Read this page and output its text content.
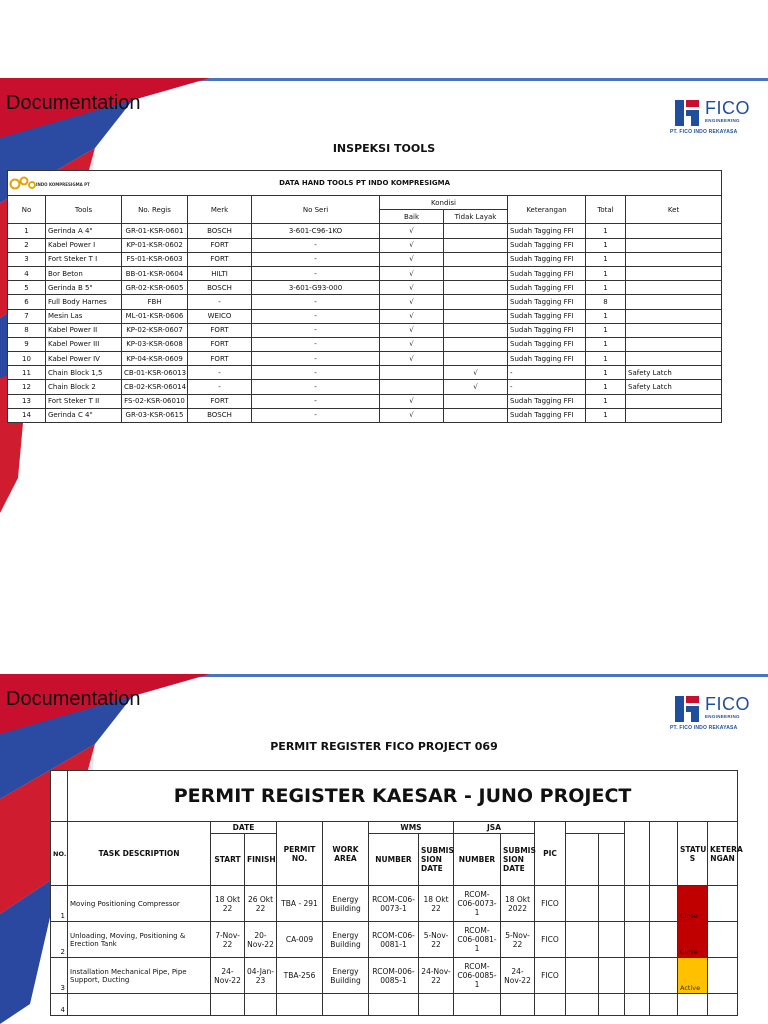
Documentation	FICO
ENGINEERING
PT. FICO INDO REKAYASA
INSPEKSI TOOLS
INDO KOMPRESIGMA PT DATA HAND TOOLS PT INDO KOMPRESIGMA									
No	Tools	No. Regis	Merk	No Seri	Kondisi		Keterangan	Total	Ket
					Baik	Tidak Layak			
1	Gerinda A 4"	GR-01-KSR-0601	BOSCH	3-601-C96-1KO	√		Sudah Tagging FFI	1	
2	Kabel Power I	KP-01-KSR-0602	FORT	-	√		Sudah Tagging FFI	1	
3	Fort Steker T I	FS-01-KSR-0603	FORT	-	√		Sudah Tagging FFI	1	
4	Bor Beton	BB-01-KSR-0604	HILTI	-	√		Sudah Tagging FFI	1	
5	Gerinda B 5"	GR-02-KSR-0605	BOSCH	3-601-G93-000	√		Sudah Tagging FFI	1	
6	Full Body Harnes	FBH	-	-	√		Sudah Tagging FFI	8	
7	Mesin Las	ML-01-KSR-0606	WEICO	-	√		Sudah Tagging FFI	1	
8	Kabel Power II	KP-02-KSR-0607	FORT	-	√		Sudah Tagging FFI	1	
9	Kabel Power III	KP-03-KSR-0608	FORT	-	√		Sudah Tagging FFI	1	
10	Kabel Power IV	KP-04-KSR-0609	FORT	-	√		Sudah Tagging FFI	1	
11	Chain Block 1,5	CB-01-KSR-06013	-	-		√	-	1	Safety Latch
12	Chain Block 2	CB-02-KSR-06014	-	-		√	-	1	Safety Latch
13	Fort Steker T II	FS-02-KSR-06010	FORT	-	√		Sudah Tagging FFI	1	
14	Gerinda C 4"	GR-03-KSR-0615	BOSCH	-	√		Sudah Tagging FFI	1	
Documentation	FICO
ENGINEERING
PT. FICO INDO REKAYASA
PERMIT REGISTER FICO PROJECT 069
	PERMIT REGISTER KAESAR - JUNO PROJECT															
NO.	TASK DESCRIPTION	DATE		PERMIT NO.	WORK AREA	WMS		JSA		PIC					STATU S	KETERA NGAN
		START	FINISH			NUMBER	SUBMIS SION DATE	NUMBER	SUBMIS SION DATE							
1	Moving Positioning Compressor	18 Okt 22	26 Okt 22	TBA - 291	Energy Building	RCOM-C06-0073-1	18 Okt 22	RCOM-C06-0073-1	18 Okt 2022	FICO					Close	
2	Unloading, Moving, Positioning & Erection Tank	7-Nov-22	20-Nov-22	CA-009	Energy Building	RCOM-C06-0081-1	5-Nov-22	RCOM-C06-0081-1	5-Nov-22	FICO					Close	
3	Installation Mechanical Pipe, Pipe Support, Ducting	24-Nov-22	04-Jan-23	TBA-256	Energy Building	RCOM-006-0085-1	24-Nov-22	RCOM-C06-0085-1	24-Nov-22	FICO					Active	
4																
